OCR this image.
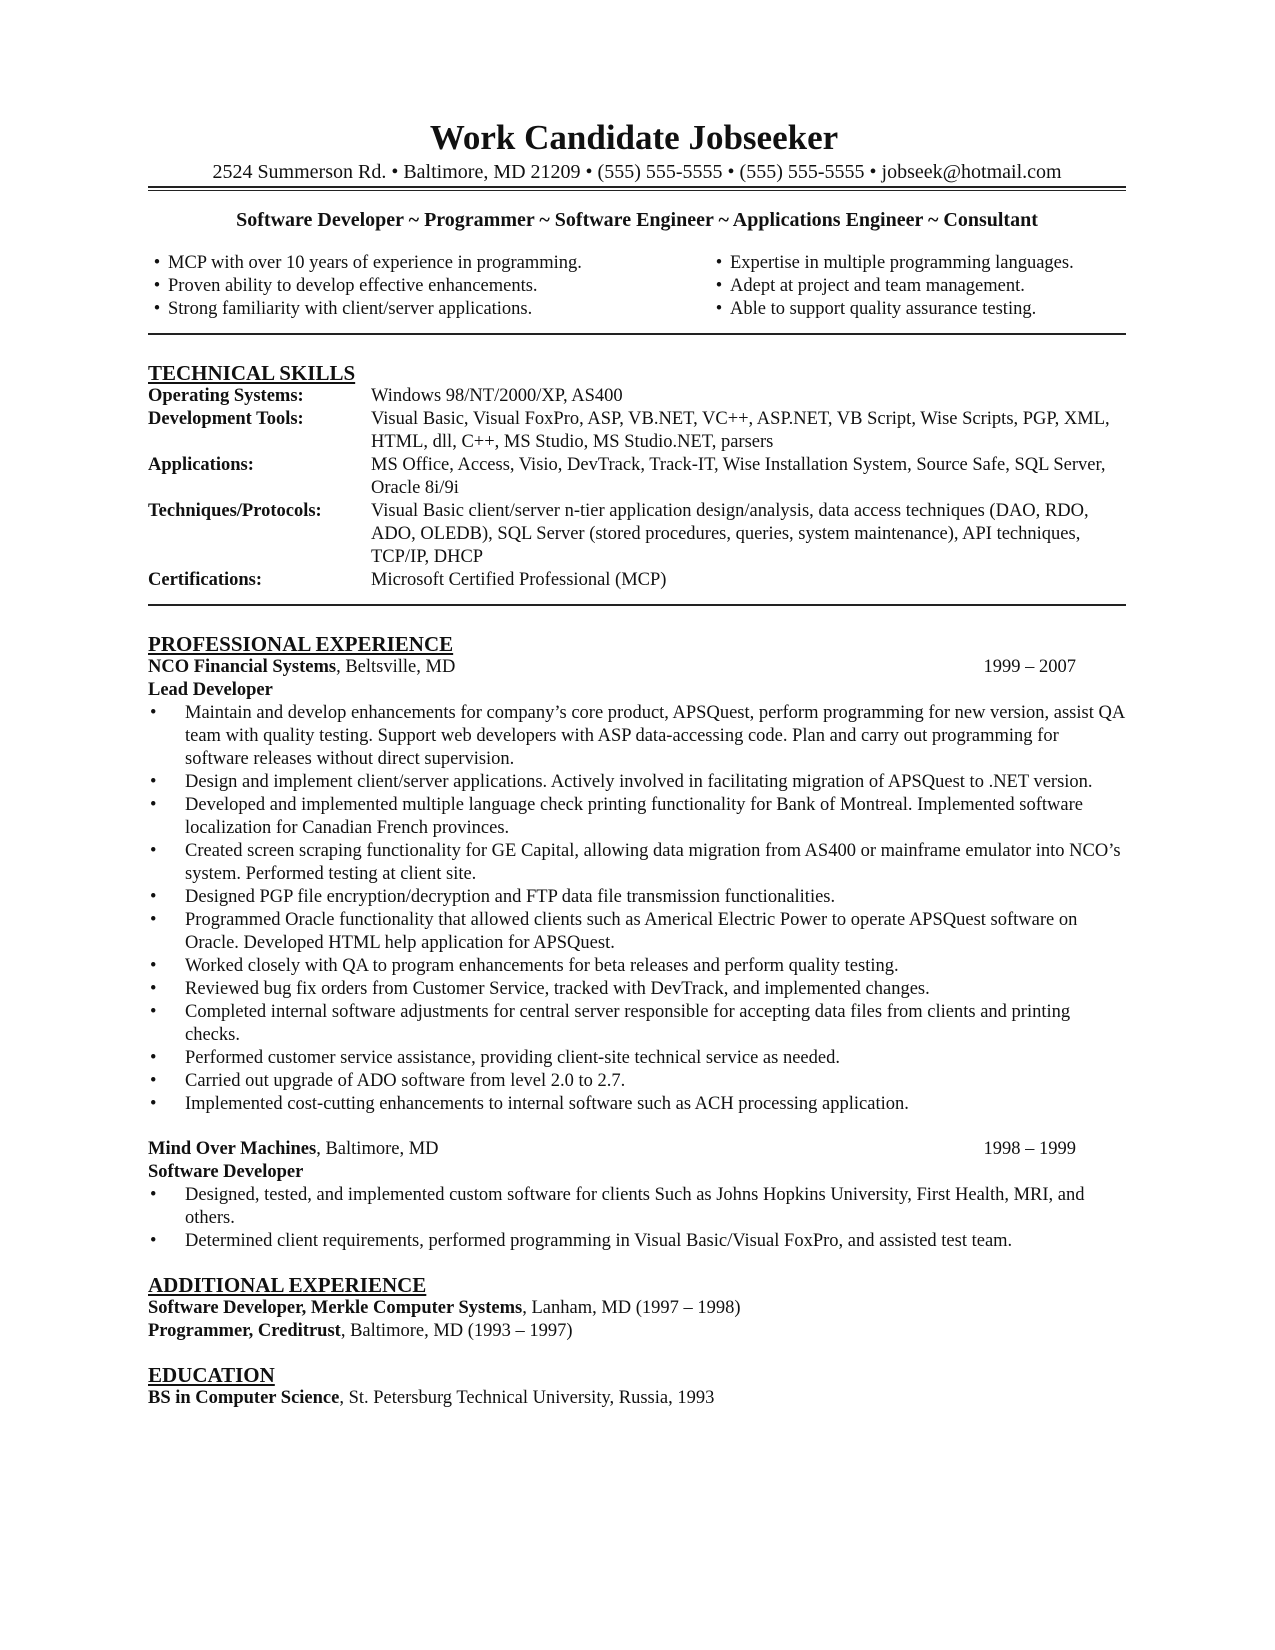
Work Candidate Jobseeker
2524 Summerson Rd. • Baltimore, MD 21209 • (555) 555-5555 • (555) 555-5555 • jobseek@hotmail.com
Software Developer ~ Programmer ~ Software Engineer ~ Applications Engineer ~ Consultant
• MCP with over 10 years of experience in programming.
• Proven ability to develop effective enhancements.
• Strong familiarity with client/server applications.
• Expertise in multiple programming languages.
• Adept at project and team management.
• Able to support quality assurance testing.
TECHNICAL SKILLS
Operating Systems:	Windows 98/NT/2000/XP, AS400
Development Tools:	Visual Basic, Visual FoxPro, ASP, VB.NET, VC++, ASP.NET, VB Script, Wise Scripts, PGP, XML, HTML, dll, C++, MS Studio, MS Studio.NET, parsers
Applications:	MS Office, Access, Visio, DevTrack, Track-IT, Wise Installation System, Source Safe, SQL Server, Oracle 8i/9i
Techniques/Protocols:	Visual Basic client/server n-tier application design/analysis, data access techniques (DAO, RDO, ADO, OLEDB), SQL Server (stored procedures, queries, system maintenance), API techniques, TCP/IP, DHCP
Certifications:	Microsoft Certified Professional (MCP)
PROFESSIONAL EXPERIENCE
NCO Financial Systems, Beltsville, MD	1999 – 2007
Lead Developer
• Maintain and develop enhancements for company’s core product, APSQuest, perform programming for new version, assist QA team with quality testing. Support web developers with ASP data-accessing code. Plan and carry out programming for software releases without direct supervision.
• Design and implement client/server applications. Actively involved in facilitating migration of APSQuest to .NET version.
• Developed and implemented multiple language check printing functionality for Bank of Montreal. Implemented software localization for Canadian French provinces.
• Created screen scraping functionality for GE Capital, allowing data migration from AS400 or mainframe emulator into NCO’s system. Performed testing at client site.
• Designed PGP file encryption/decryption and FTP data file transmission functionalities.
• Programmed Oracle functionality that allowed clients such as Americal Electric Power to operate APSQuest software on Oracle. Developed HTML help application for APSQuest.
• Worked closely with QA to program enhancements for beta releases and perform quality testing.
• Reviewed bug fix orders from Customer Service, tracked with DevTrack, and implemented changes.
• Completed internal software adjustments for central server responsible for accepting data files from clients and printing checks.
• Performed customer service assistance, providing client-site technical service as needed.
• Carried out upgrade of ADO software from level 2.0 to 2.7.
• Implemented cost-cutting enhancements to internal software such as ACH processing application.
Mind Over Machines, Baltimore, MD	1998 – 1999
Software Developer
• Designed, tested, and implemented custom software for clients Such as Johns Hopkins University, First Health, MRI, and others.
• Determined client requirements, performed programming in Visual Basic/Visual FoxPro, and assisted test team.
ADDITIONAL EXPERIENCE
Software Developer, Merkle Computer Systems, Lanham, MD (1997 – 1998)
Programmer, Creditrust, Baltimore, MD (1993 – 1997)
EDUCATION
BS in Computer Science, St. Petersburg Technical University, Russia, 1993
